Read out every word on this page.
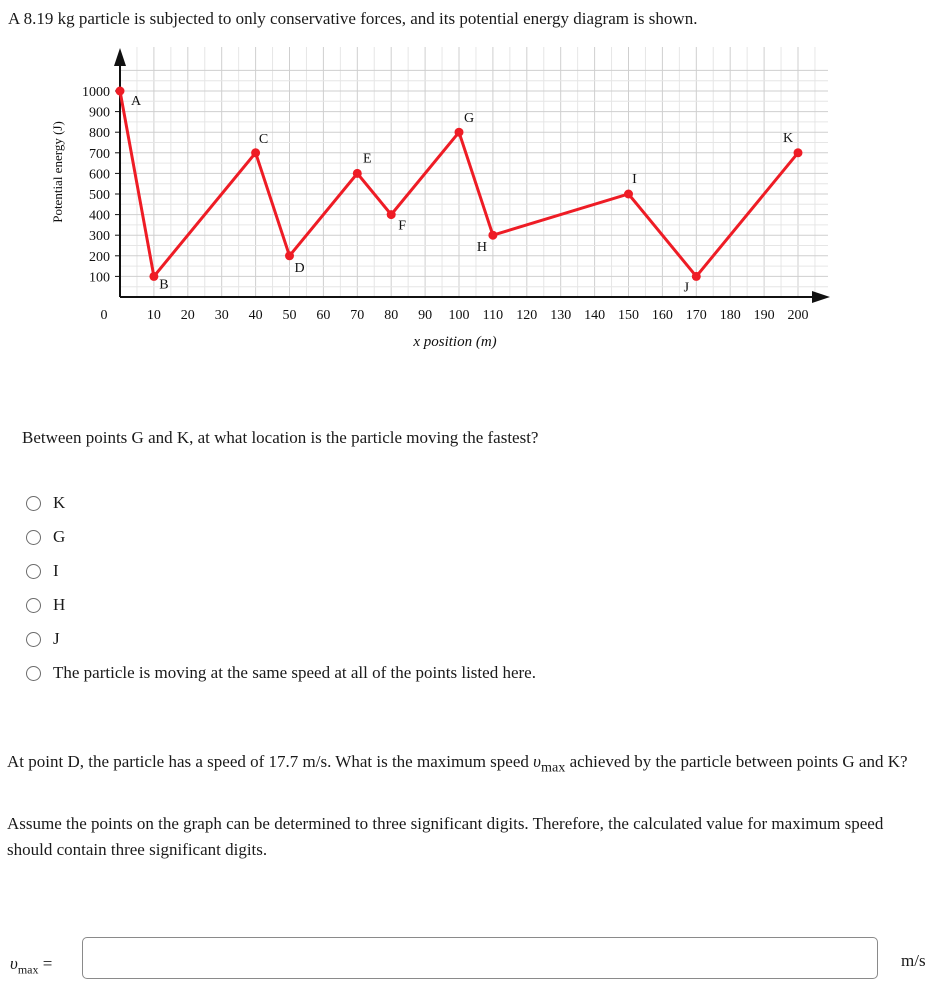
A 8.19 kg particle is subjected to only conservative forces, and its potential energy diagram is shown.
100
200
300
400
500
600
700
800
900
1000
0	10 20 30 40 50 60 70 80 90 100 110 120 130 140 150 160 170 180 190 200
x position (m)
Potential energy (J)
A
B
C
D
E
F
G
H
I
J
K
Between points G and K, at what location is the particle moving the fastest?
K
G
I
H
J
The particle is moving at the same speed at all of the points listed here.
At point D, the particle has a speed of 17.7 m/s. What is the maximum speed $\upsilon_{max}$ achieved by the particle between points G and K?
Assume the points on the graph can be determined to three significant digits. Therefore, the calculated value for maximum speed should contain three significant digits.
$\upsilon_{max}$ =	m/s
